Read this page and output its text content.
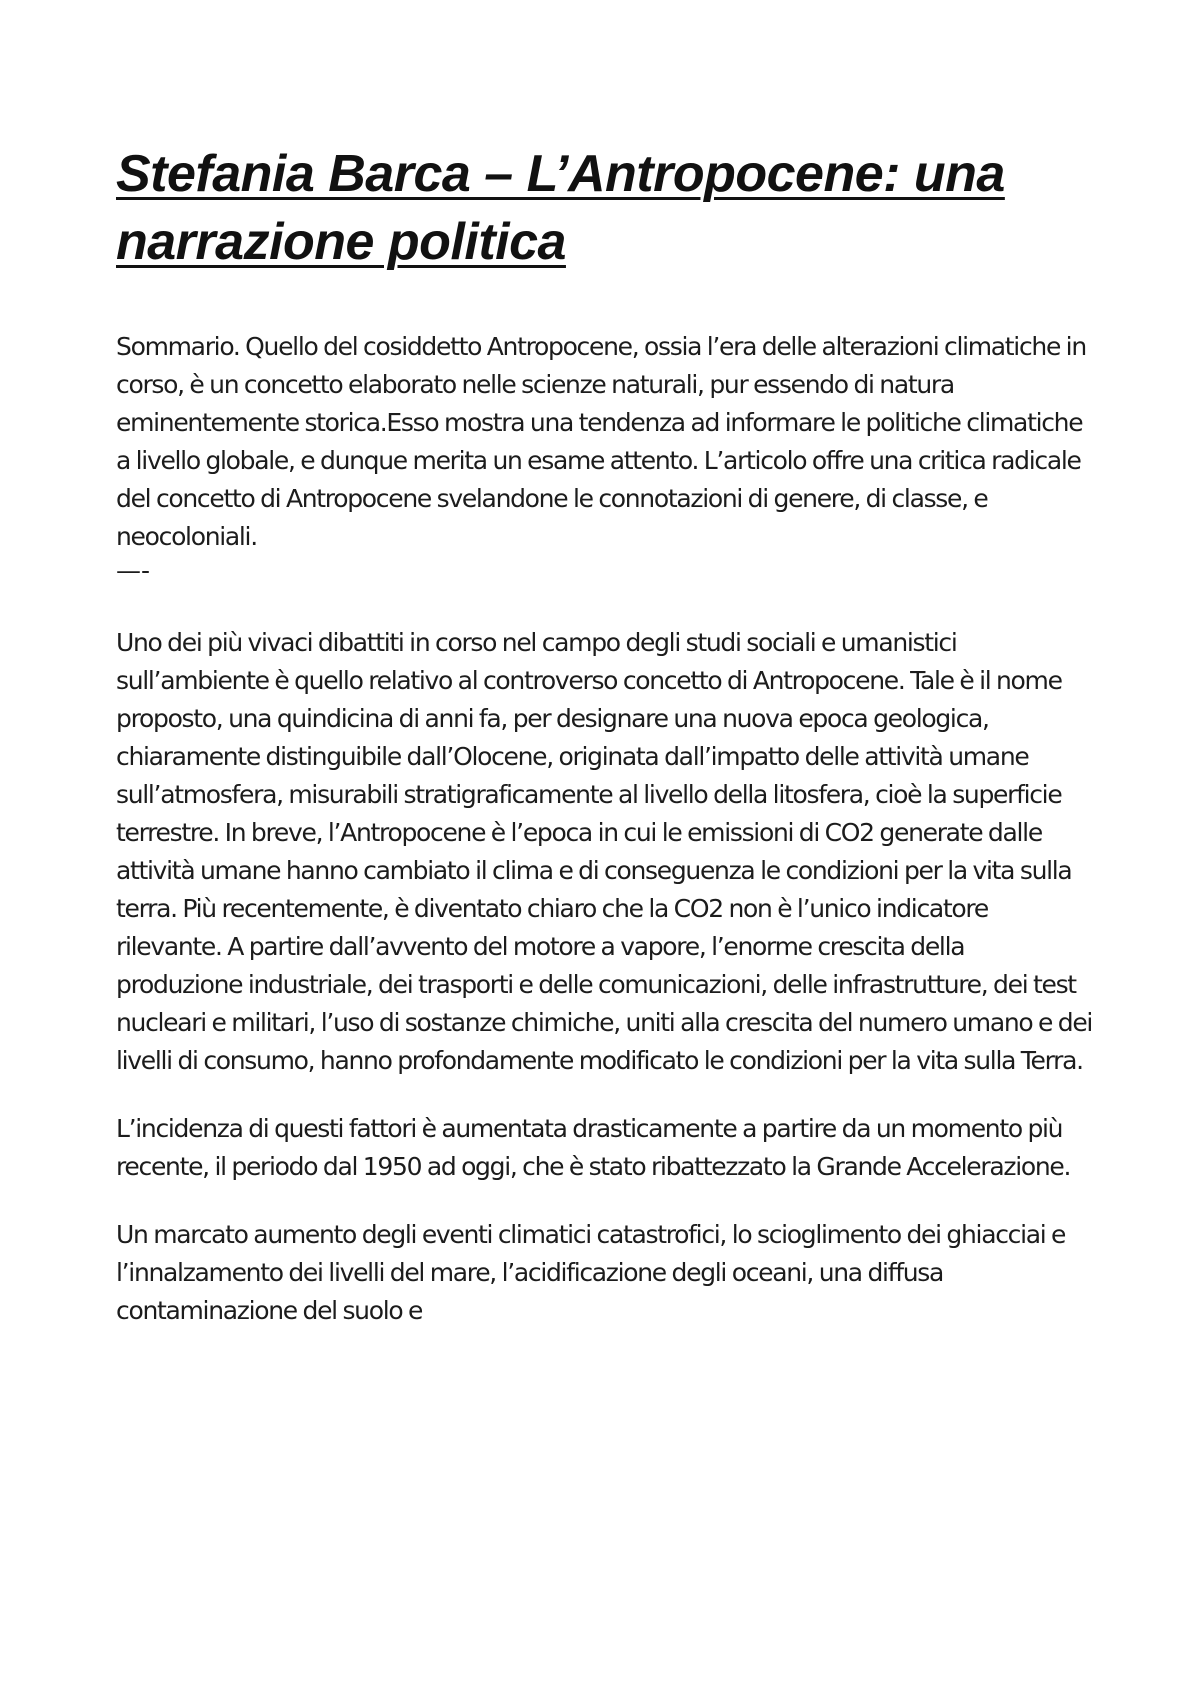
Stefania Barca – L’Antropocene: una narrazione politica

Sommario. Quello del cosiddetto Antropocene, ossia l’era delle alterazioni climatiche in corso, è un concetto elaborato nelle scienze naturali, pur essendo di natura eminentemente storica.Esso mostra una tendenza ad informare le politiche climatiche a livello globale, e dunque merita un esame attento. L’articolo offre una critica radicale del concetto di Antropocene svelandone le connotazioni di genere, di classe, e neocoloniali.

—-

Uno dei più vivaci dibattiti in corso nel campo degli studi sociali e umanistici sull’ambiente è quello relativo al controverso concetto di Antropocene. Tale è il nome proposto, una quindicina di anni fa, per designare una nuova epoca geologica, chiaramente distinguibile dall’Olocene, originata dall’impatto delle attività umane sull’atmosfera, misurabili stratigraficamente al livello della litosfera, cioè la superficie terrestre. In breve, l’Antropocene è l’epoca in cui le emissioni di CO2 generate dalle attività umane hanno cambiato il clima e di conseguenza le condizioni per la vita sulla terra. Più recentemente, è diventato chiaro che la CO2 non è l’unico indicatore rilevante. A partire dall’avvento del motore a vapore, l’enorme crescita della produzione industriale, dei trasporti e delle comunicazioni, delle infrastrutture, dei test nucleari e militari, l’uso di sostanze chimiche, uniti alla crescita del numero umano e dei livelli di consumo, hanno profondamente modificato le condizioni per la vita sulla Terra.

L’incidenza di questi fattori è aumentata drasticamente a partire da un momento più recente, il periodo dal 1950 ad oggi, che è stato ribattezzato la Grande Accelerazione.

Un marcato aumento degli eventi climatici catastrofici, lo scioglimento dei ghiacciai e l’innalzamento dei livelli del mare, l’acidificazione degli oceani, una diffusa contaminazione del suolo e
